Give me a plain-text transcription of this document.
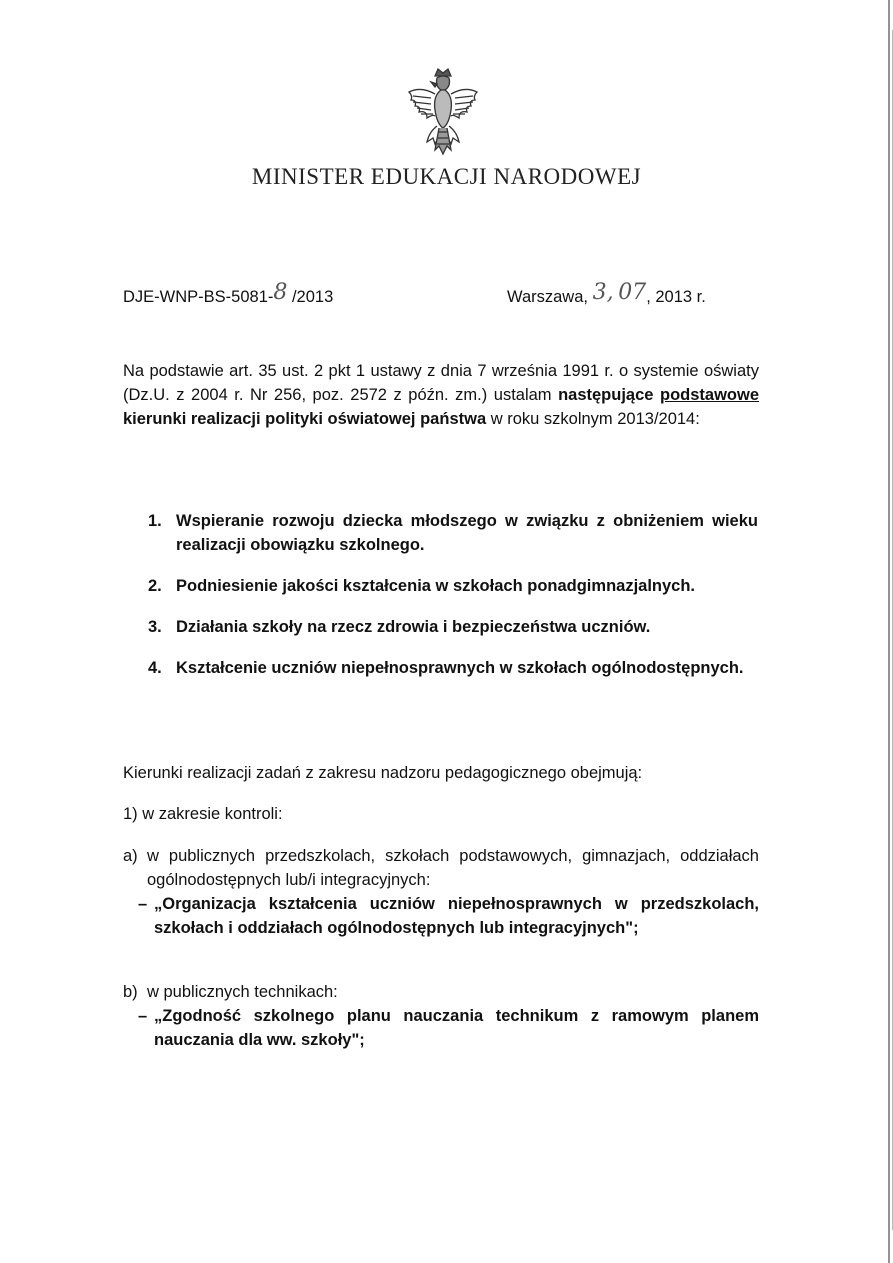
MINISTER EDUKACJI NARODOWEJ
DJE-WNP-BS-5081-8 /2013	Warszawa, 3, 07, 2013 r.
Na podstawie art. 35 ust. 2 pkt 1 ustawy z dnia 7 września 1991 r. o systemie oświaty (Dz.U. z 2004 r. Nr 256, poz. 2572 z późn. zm.) ustalam następujące podstawowe kierunki realizacji polityki oświatowej państwa w roku szkolnym 2013/2014:
1. Wspieranie rozwoju dziecka młodszego w związku z obniżeniem wieku realizacji obowiązku szkolnego.
2. Podniesienie jakości kształcenia w szkołach ponadgimnazjalnych.
3. Działania szkoły na rzecz zdrowia i bezpieczeństwa uczniów.
4. Kształcenie uczniów niepełnosprawnych w szkołach ogólnodostępnych.
Kierunki realizacji zadań z zakresu nadzoru pedagogicznego obejmują:
1) w zakresie kontroli:
a) w publicznych przedszkolach, szkołach podstawowych, gimnazjach, oddziałach ogólnodostępnych lub/i integracyjnych:
– „Organizacja kształcenia uczniów niepełnosprawnych w przedszkolach, szkołach i oddziałach ogólnodostępnych lub integracyjnych";
b) w publicznych technikach:
– „Zgodność szkolnego planu nauczania technikum z ramowym planem nauczania dla ww. szkoły";
